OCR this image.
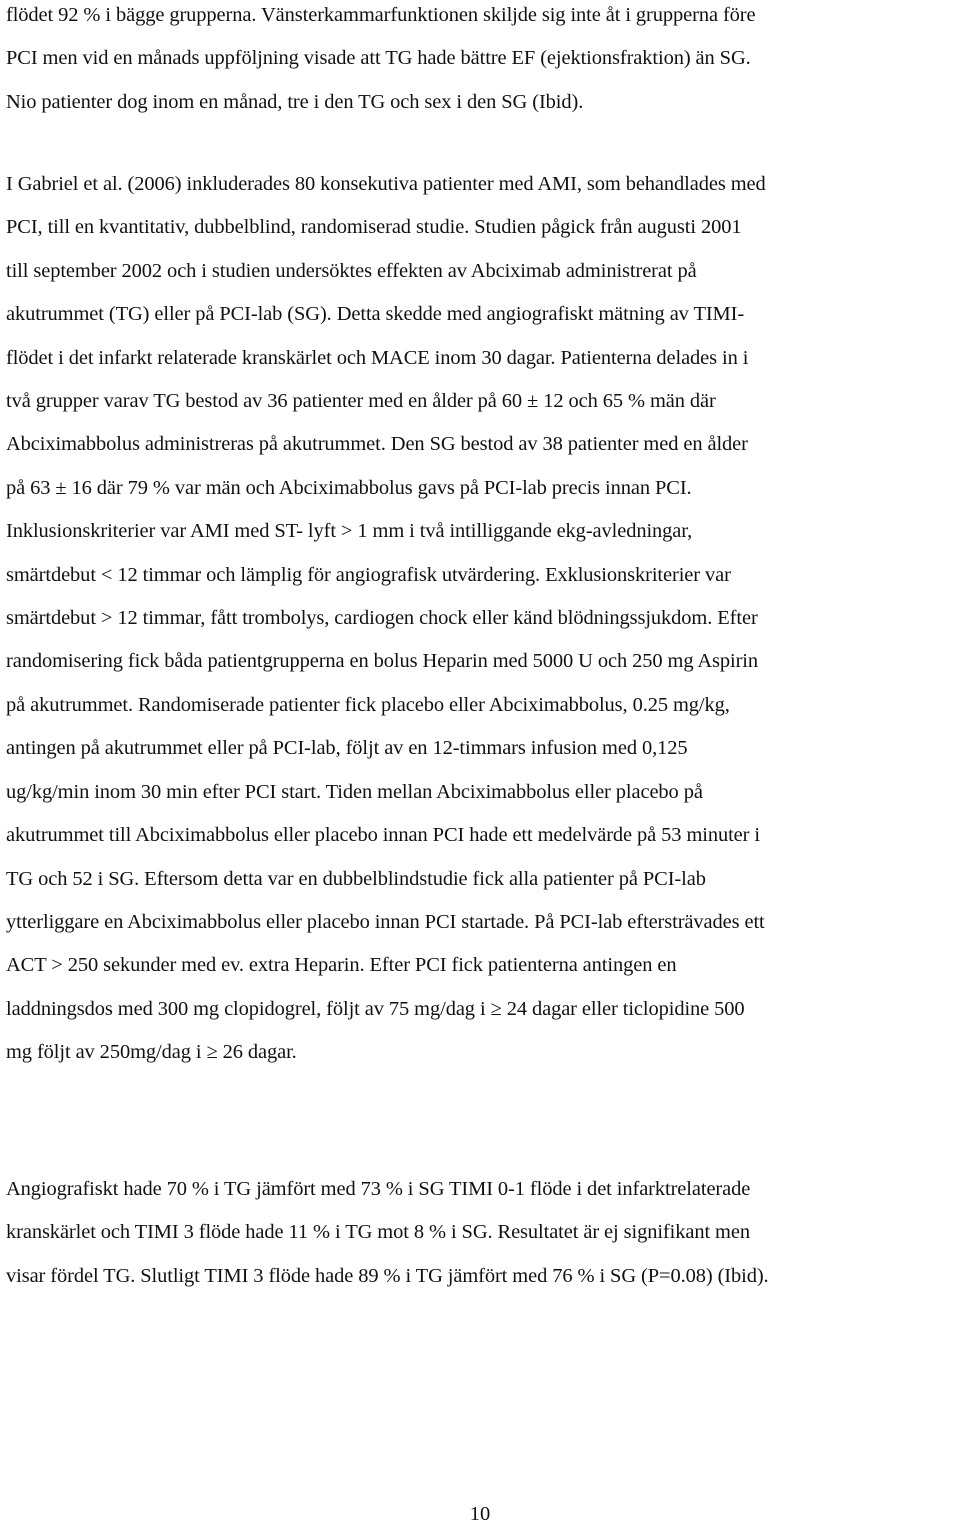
flödet 92 % i bägge grupperna. Vänsterkammarfunktionen skiljde sig inte åt i grupperna före
PCI men vid en månads uppföljning visade att TG hade bättre EF (ejektionsfraktion) än SG.
Nio patienter dog inom en månad, tre i den TG och sex i den SG (Ibid).
I Gabriel et al. (2006) inkluderades 80 konsekutiva patienter med AMI, som behandlades med
PCI, till en kvantitativ, dubbelblind, randomiserad studie. Studien pågick från augusti 2001
till september 2002 och i studien undersöktes effekten av Abciximab administrerat på
akutrummet (TG) eller på PCI-lab (SG). Detta skedde med angiografiskt mätning av TIMI-
flödet i det infarkt relaterade kranskärlet och MACE inom 30 dagar. Patienterna delades in i
två grupper varav TG bestod av 36 patienter med en ålder på 60 ± 12 och 65 % män där
Abciximabbolus administreras på akutrummet. Den SG bestod av 38 patienter med en ålder
på 63 ± 16 där 79 % var män och Abciximabbolus gavs på PCI-lab precis innan PCI.
Inklusionskriterier var AMI med ST- lyft > 1 mm i två intilliggande ekg-avledningar,
smärtdebut < 12 timmar och lämplig för angiografisk utvärdering. Exklusionskriterier var
smärtdebut > 12 timmar, fått trombolys, cardiogen chock eller känd blödningssjukdom. Efter
randomisering fick båda patientgrupperna en bolus Heparin med 5000 U och 250 mg Aspirin
på akutrummet. Randomiserade patienter fick placebo eller Abciximabbolus, 0.25 mg/kg,
antingen på akutrummet eller på PCI-lab, följt av en 12-timmars infusion med 0,125
ug/kg/min inom 30 min efter PCI start. Tiden mellan Abciximabbolus eller placebo på
akutrummet till Abciximabbolus eller placebo innan PCI hade ett medelvärde på 53 minuter i
TG och 52 i SG. Eftersom detta var en dubbelblindstudie fick alla patienter på PCI-lab
ytterliggare en Abciximabbolus eller placebo innan PCI startade. På PCI-lab eftersträvades ett
ACT > 250 sekunder med ev. extra Heparin. Efter PCI fick patienterna antingen en
laddningsdos med 300 mg clopidogrel, följt av 75 mg/dag i ≥ 24 dagar eller ticlopidine 500
mg följt av 250mg/dag i ≥ 26 dagar.
Angiografiskt hade 70 % i TG jämfört med 73 % i SG TIMI 0-1 flöde i det infarktrelaterade
kranskärlet och TIMI 3 flöde hade 11 % i TG mot 8 % i SG. Resultatet är ej signifikant men
visar fördel TG. Slutligt TIMI 3 flöde hade 89 % i TG jämfört med 76 % i SG (P=0.08) (Ibid).
10
